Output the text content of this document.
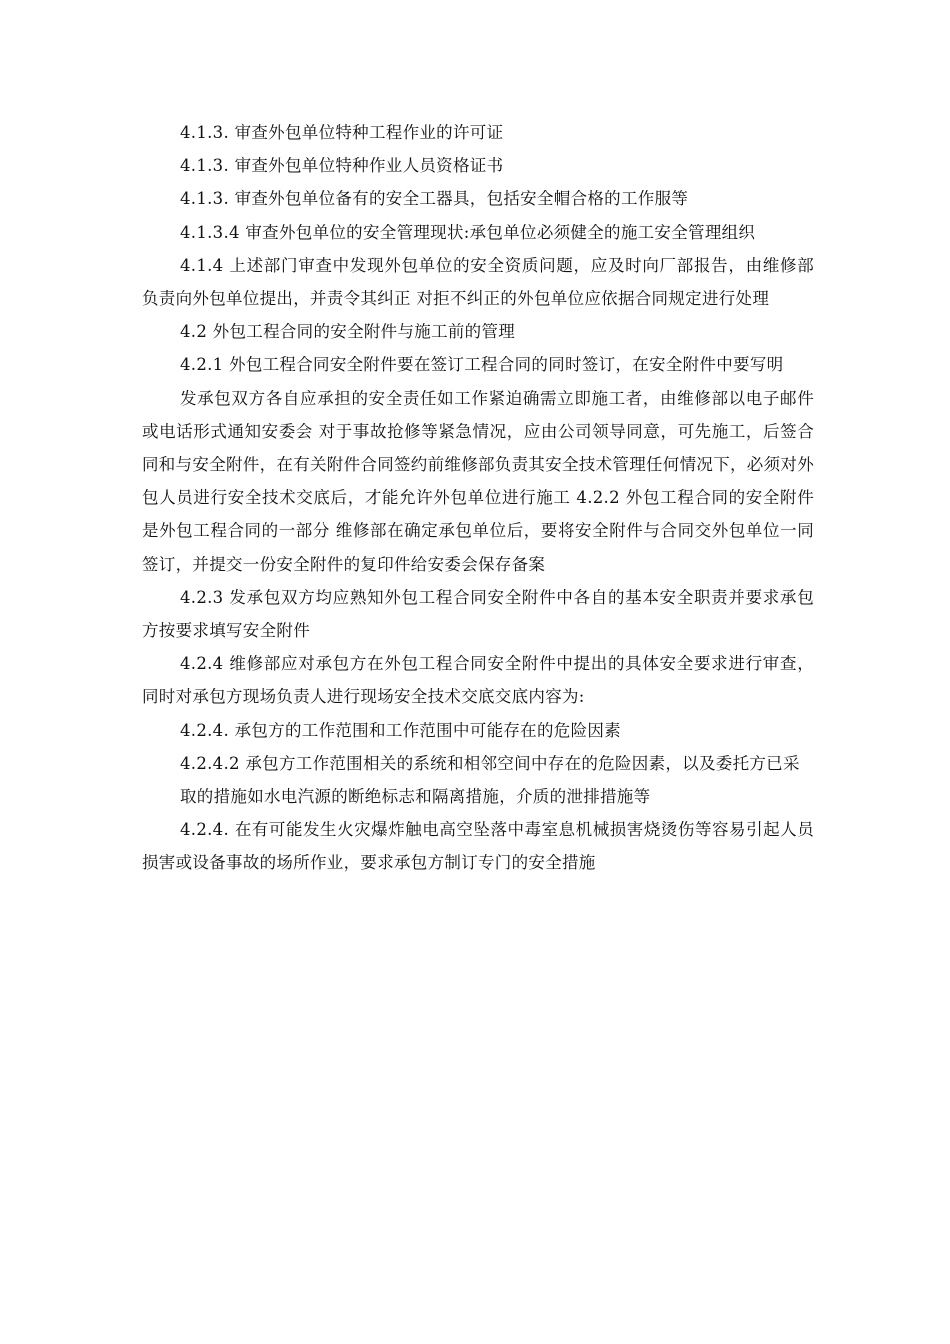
4.1.3. 审查外包单位特种工程作业的许可证

4.1.3. 审查外包单位特种作业人员资格证书

4.1.3. 审查外包单位备有的安全工器具，包括安全帽合格的工作服等

4.1.3.4 审查外包单位的安全管理现状:承包单位必须健全的施工安全管理组织

4.1.4 上述部门审查中发现外包单位的安全资质问题，应及时向厂部报告，由维修部负责向外包单位提出，并责令其纠正 对拒不纠正的外包单位应依据合同规定进行处理

4.2 外包工程合同的安全附件与施工前的管理

4.2.1 外包工程合同安全附件要在签订工程合同的同时签订，在安全附件中要写明

发承包双方各自应承担的安全责任如工作紧迫确需立即施工者，由维修部以电子邮件或电话形式通知安委会 对于事故抢修等紧急情况，应由公司领导同意，可先施工，后签合同和与安全附件，在有关附件合同签约前维修部负责其安全技术管理任何情况下，必须对外包人员进行安全技术交底后，才能允许外包单位进行施工 4.2.2 外包工程合同的安全附件是外包工程合同的一部分 维修部在确定承包单位后，要将安全附件与合同交外包单位一同签订，并提交一份安全附件的复印件给安委会保存备案

4.2.3 发承包双方均应熟知外包工程合同安全附件中各自的基本安全职责并要求承包方按要求填写安全附件

4.2.4 维修部应对承包方在外包工程合同安全附件中提出的具体安全要求进行审查，同时对承包方现场负责人进行现场安全技术交底交底内容为:

4.2.4. 承包方的工作范围和工作范围中可能存在的危险因素

4.2.4.2 承包方工作范围相关的系统和相邻空间中存在的危险因素，以及委托方已采

取的措施如水电汽源的断绝标志和隔离措施，介质的泄排措施等

4.2.4. 在有可能发生火灾爆炸触电高空坠落中毒室息机械损害烧烫伤等容易引起人员损害或设备事故的场所作业，要求承包方制订专门的安全措施
